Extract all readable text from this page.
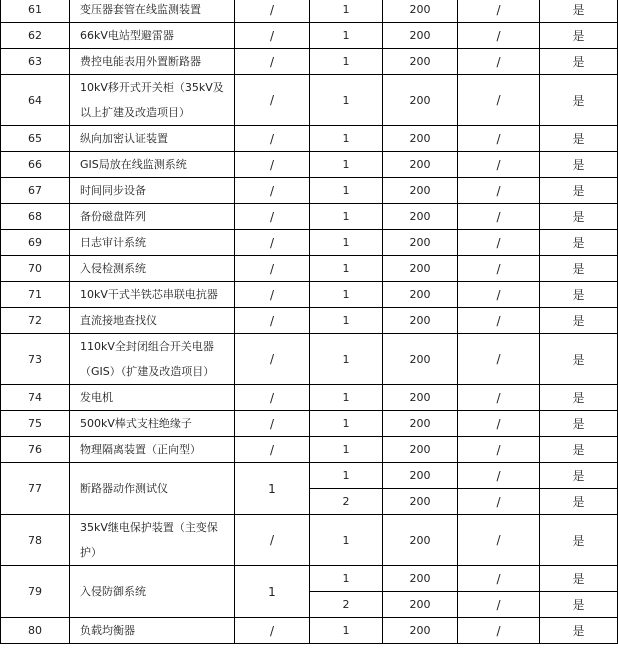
61	变压器套管在线监测装置	/	1	200	/	是
62	66kV电站型避雷器	/	1	200	/	是
63	费控电能表用外置断路器	/	1	200	/	是
64	10kV移开式开关柜（35kV及
以上扩建及改造项目）	/	1	200	/	是
65	纵向加密认证装置	/	1	200	/	是
66	GIS局放在线监测系统	/	1	200	/	是
67	时间同步设备	/	1	200	/	是
68	备份磁盘阵列	/	1	200	/	是
69	日志审计系统	/	1	200	/	是
70	入侵检测系统	/	1	200	/	是
71	10kV干式半铁芯串联电抗器	/	1	200	/	是
72	直流接地查找仪	/	1	200	/	是
73	110kV全封闭组合开关电器
（GIS）（扩建及改造项目）	/	1	200	/	是
74	发电机	/	1	200	/	是
75	500kV棒式支柱绝缘子	/	1	200	/	是
76	物理隔离装置（正向型）	/	1	200	/	是
77	断路器动作测试仪	1	1	200	/	是
			2	200	/	是
78	35kV继电保护装置（主变保
护）	/	1	200	/	是
79	入侵防御系统	1	1	200	/	是
			2	200	/	是
80	负载均衡器	/	1	200	/	是
